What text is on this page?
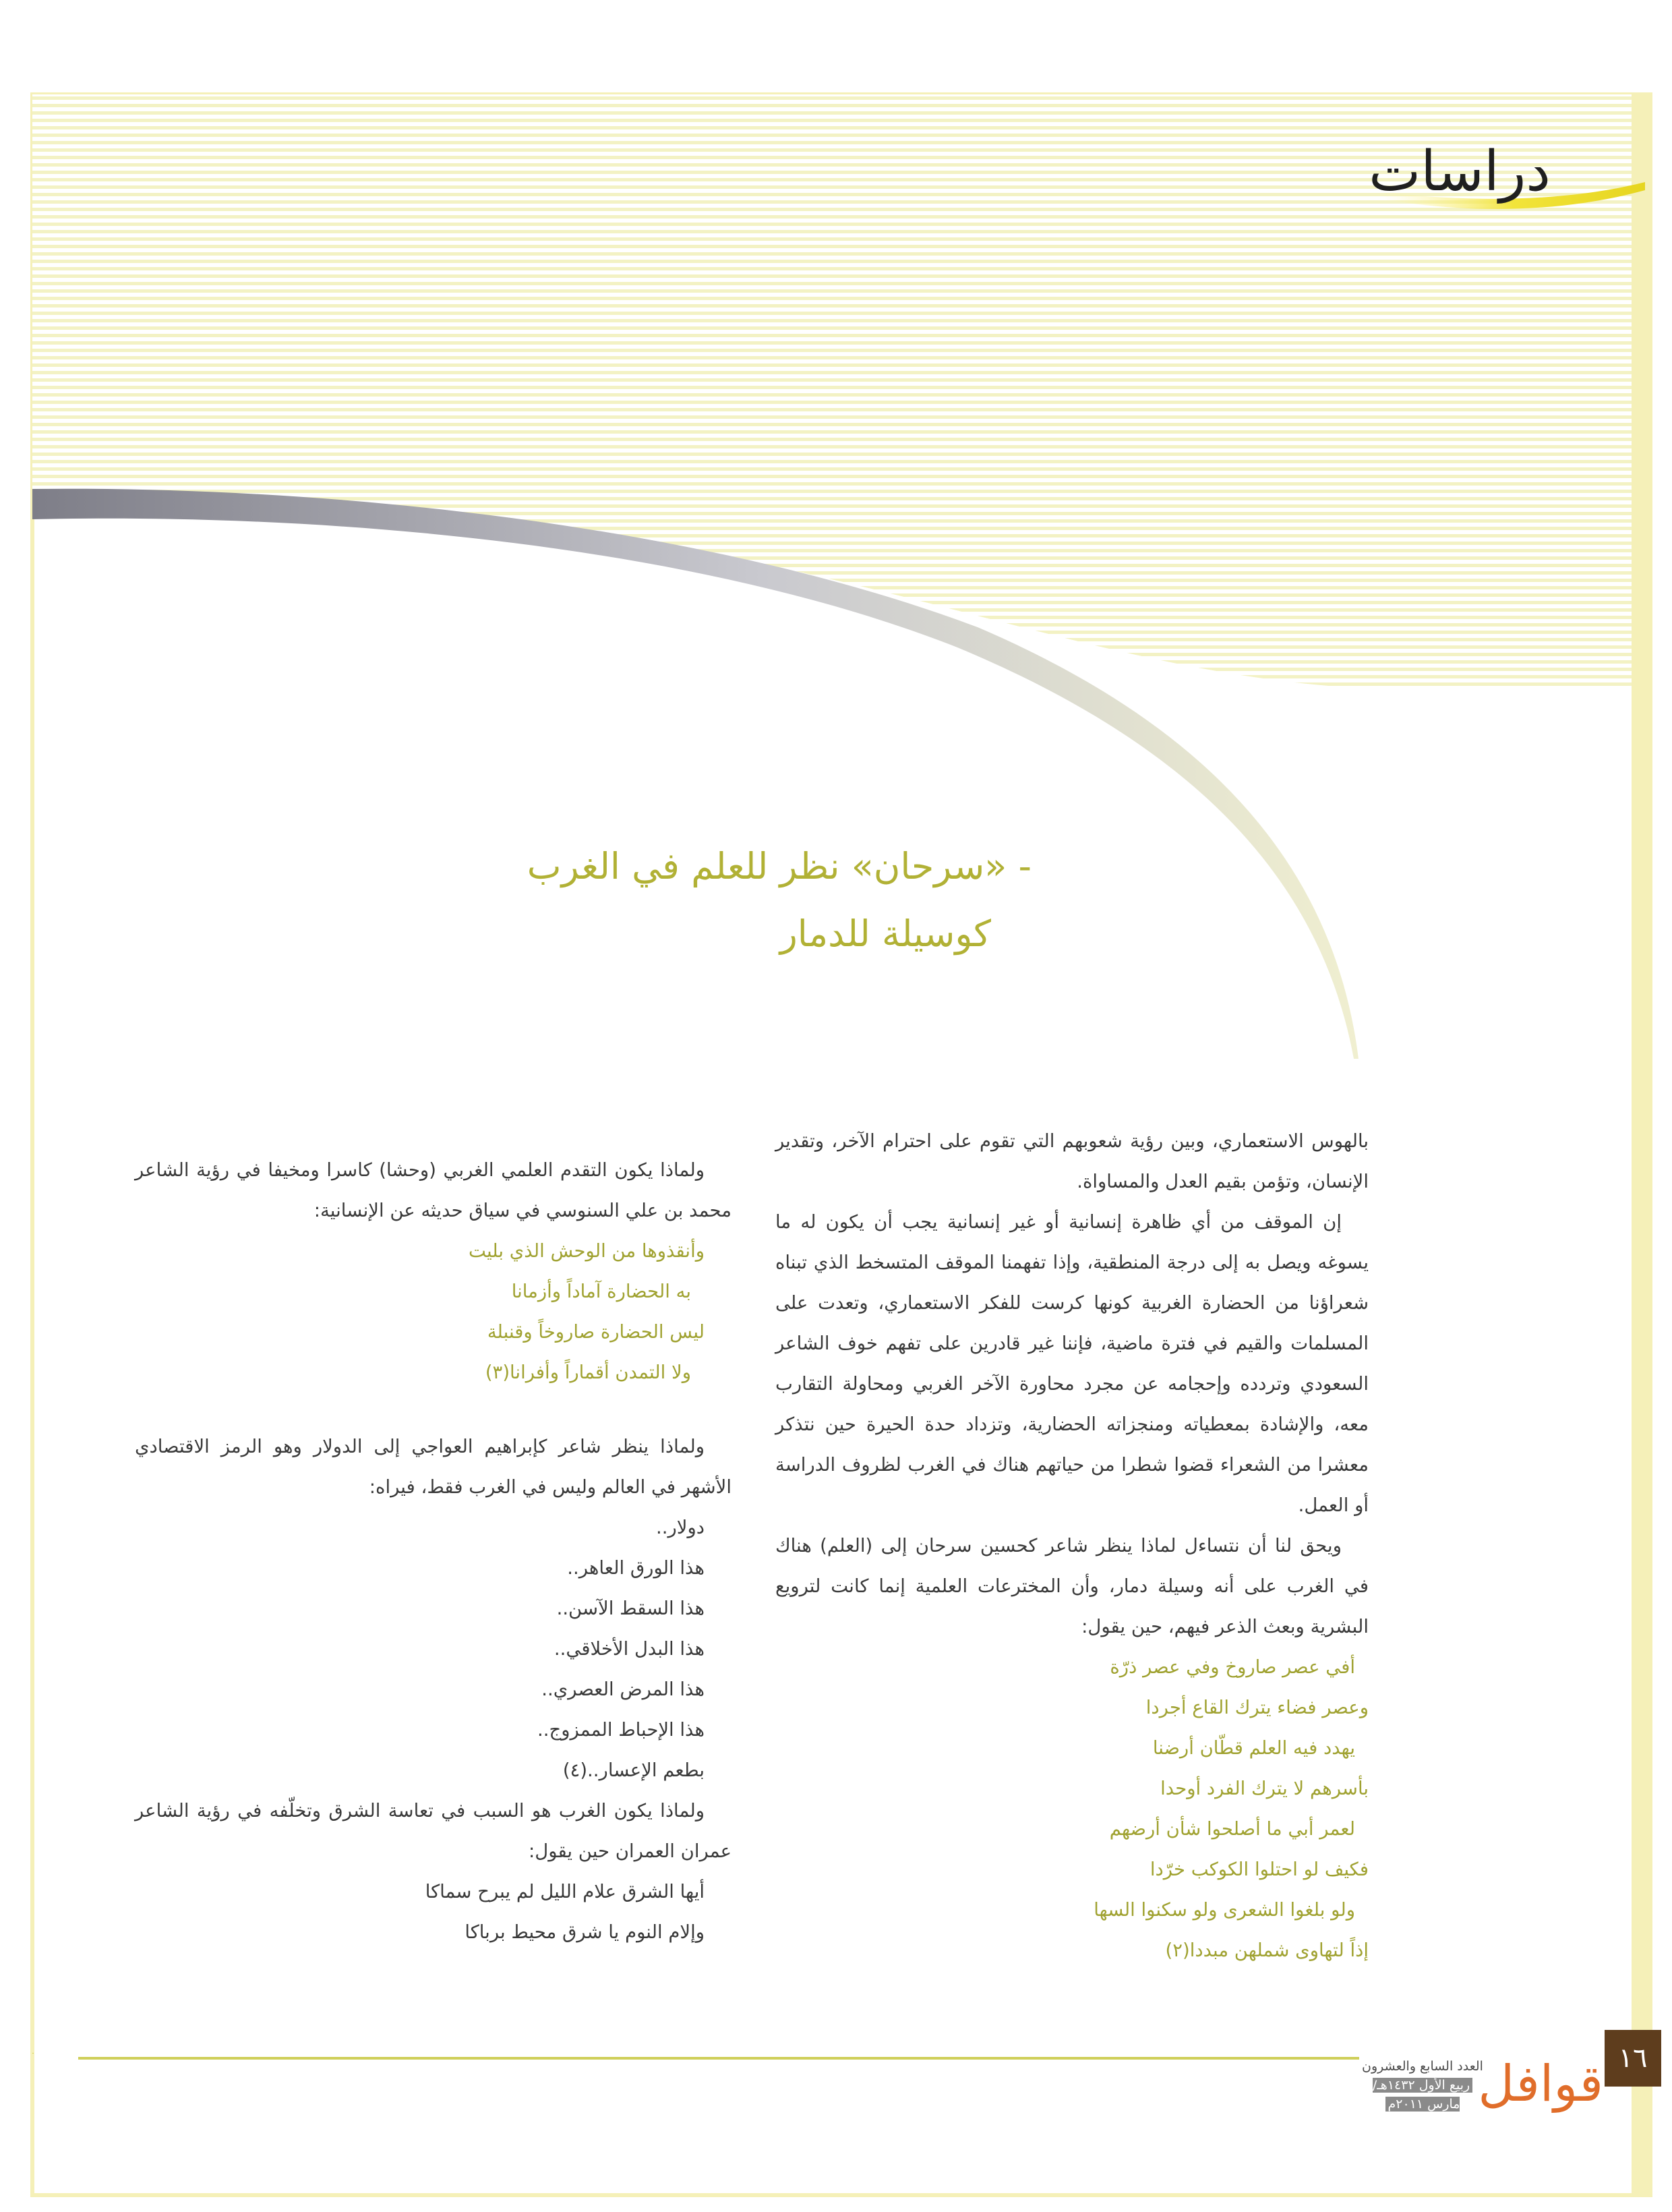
دراسات
- «سرحان» نظر للعلم في الغرب
كوسيلة للدمار

بالهوس الاستعماري، وبين رؤية شعوبهم التي تقوم على احترام الآخر، وتقدير الإنسان، وتؤمن بقيم العدل والمساواة.

إن الموقف من أي ظاهرة إنسانية أو غير إنسانية يجب أن يكون له ما يسوغه ويصل به إلى درجة المنطقية، وإذا تفهمنا الموقف المتسخط الذي تبناه شعراؤنا من الحضارة الغربية كونها كرست للفكر الاستعماري، وتعدت على المسلمات والقيم في فترة ماضية، فإننا غير قادرين على تفهم خوف الشاعر السعودي وتردده وإحجامه عن مجرد محاورة الآخر الغربي ومحاولة التقارب معه، والإشادة بمعطياته ومنجزاته الحضارية، وتزداد حدة الحيرة حين نتذكر معشرا من الشعراء قضوا شطرا من حياتهم هناك في الغرب لظروف الدراسة أو العمل.

ويحق لنا أن نتساءل لماذا ينظر شاعر كحسين سرحان إلى (العلم) هناك في الغرب على أنه وسيلة دمار، وأن المخترعات العلمية إنما كانت لترويع البشرية وبعث الذعر فيهم، حين يقول:

أفي عصر صاروخ وفي عصر ذرّة

وعصر فضاء يترك القاع أجردا

يهدد فيه العلم قطّان أرضنا

بأسرهم لا يترك الفرد أوحدا

لعمر أبي ما أصلحوا شأن أرضهم

فكيف لو احتلوا الكوكب خرّدا

ولو بلغوا الشعرى ولو سكنوا السها

إذاً لتهاوى شملهن مبددا(٢)

ولماذا يكون التقدم العلمي الغربي (وحشا) كاسرا ومخيفا في رؤية الشاعر محمد بن علي السنوسي في سياق حديثه عن الإنسانية:

وأنقذوها من الوحش الذي بليت

به الحضارة آماداً وأزمانا

ليس الحضارة صاروخاً وقنبلة

ولا التمدن أقماراً وأفرانا(٣)

ولماذا ينظر شاعر كإبراهيم العواجي إلى الدولار وهو الرمز الاقتصادي الأشهر في العالم وليس في الغرب فقط، فيراه:

دولار..

هذا الورق العاهر..

هذا السقط الآسن..

هذا البدل الأخلاقي..

هذا المرض العصري..

هذا الإحباط الممزوج..

بطعم الإعسار..(٤)

ولماذا يكون الغرب هو السبب في تعاسة الشرق وتخلّفه في رؤية الشاعر عمران العمران حين يقول:

أيها الشرق علام الليل لم يبرح سماكا

وإلام النوم يا شرق محيط برباكا

العدد السابع والعشرون
ربيع الأول ١٤٣٢هـ/ مارس ٢٠١١م قوافل ١٦
